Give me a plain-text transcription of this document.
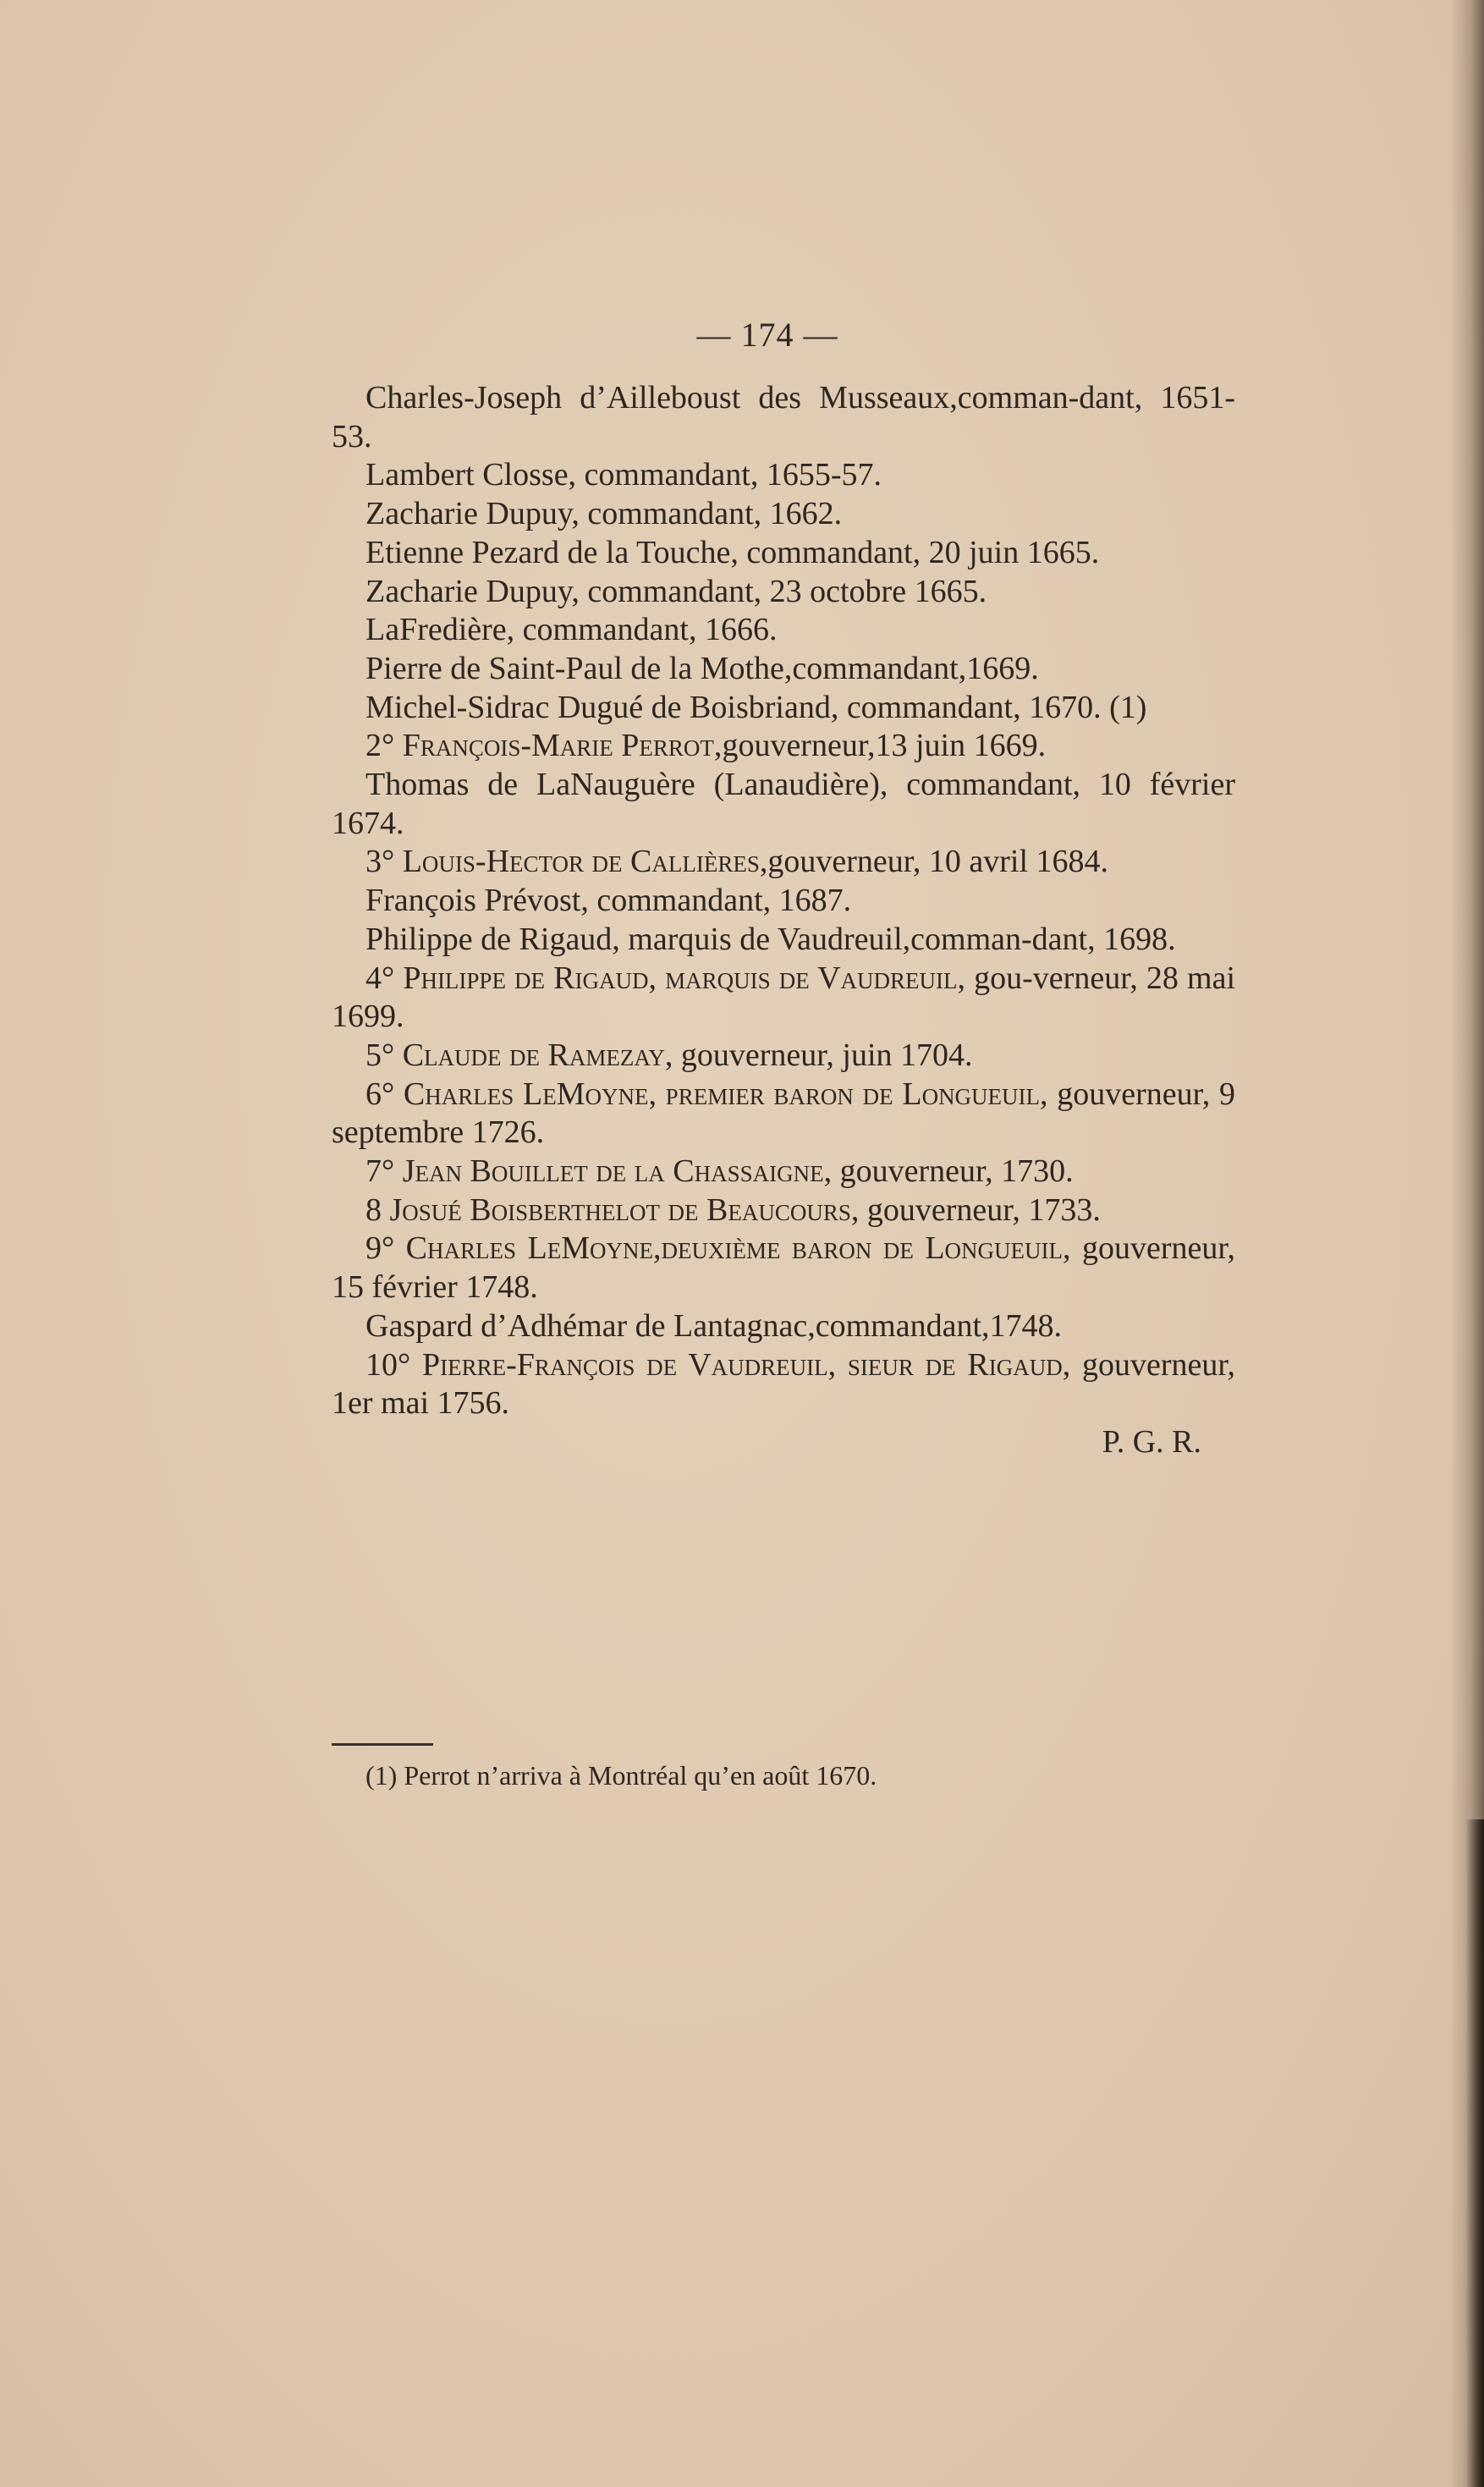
— 174 —

Charles-Joseph d’Ailleboust des Musseaux,comman-dant, 1651-53.

Lambert Closse, commandant, 1655-57.

Zacharie Dupuy, commandant, 1662.

Etienne Pezard de la Touche, commandant, 20 juin 1665.

Zacharie Dupuy, commandant, 23 octobre 1665.

LaFredière, commandant, 1666.

Pierre de Saint-Paul de la Mothe,commandant,1669.

Michel-Sidrac Dugué de Boisbriand, commandant, 1670. (1)

2° François-Marie Perrot,gouverneur,13 juin 1669.

Thomas de LaNauguère (Lanaudière), commandant, 10 février 1674.

3° Louis-Hector de Callières,gouverneur, 10 avril 1684.

François Prévost, commandant, 1687.

Philippe de Rigaud, marquis de Vaudreuil,comman-dant, 1698.

4° Philippe de Rigaud, marquis de Vaudreuil, gou-verneur, 28 mai 1699.

5° Claude de Ramezay, gouverneur, juin 1704.

6° Charles LeMoyne, premier baron de Longueuil, gouverneur, 9 septembre 1726.

7° Jean Bouillet de la Chassaigne, gouverneur, 1730.

8 Josué Boisberthelot de Beaucours, gouverneur, 1733.

9° Charles LeMoyne,deuxième baron de Longueuil, gouverneur, 15 février 1748.

Gaspard d’Adhémar de Lantagnac,commandant,1748.

10° Pierre-François de Vaudreuil, sieur de Rigaud, gouverneur, 1er mai 1756.

P. G. R.

(1) Perrot n’arriva à Montréal qu’en août 1670.
